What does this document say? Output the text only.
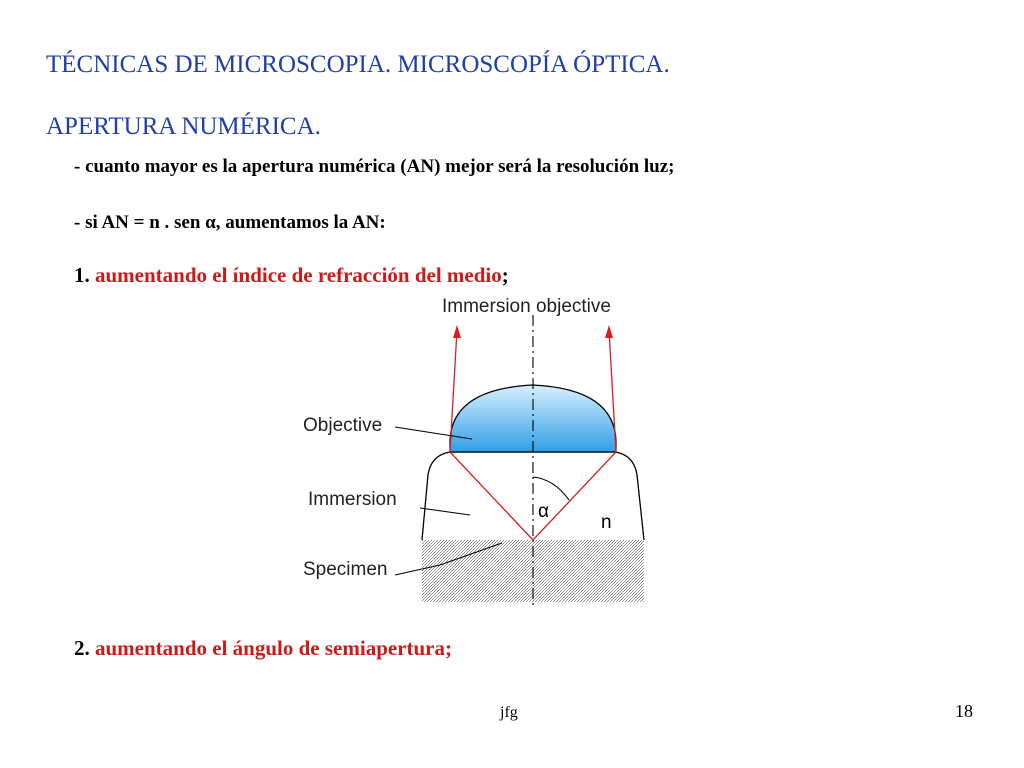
TÉCNICAS DE MICROSCOPIA. MICROSCOPÍA ÓPTICA.
APERTURA NUMÉRICA.
- cuanto mayor es la apertura numérica (AN) mejor será la resolución luz;
- si AN = n . sen α, aumentamos la AN:
1. aumentando el índice de refracción del medio;
Immersion objective
Objective
Immersion
Specimen
α
n
2. aumentando el ángulo de semiapertura;
jfg	18
